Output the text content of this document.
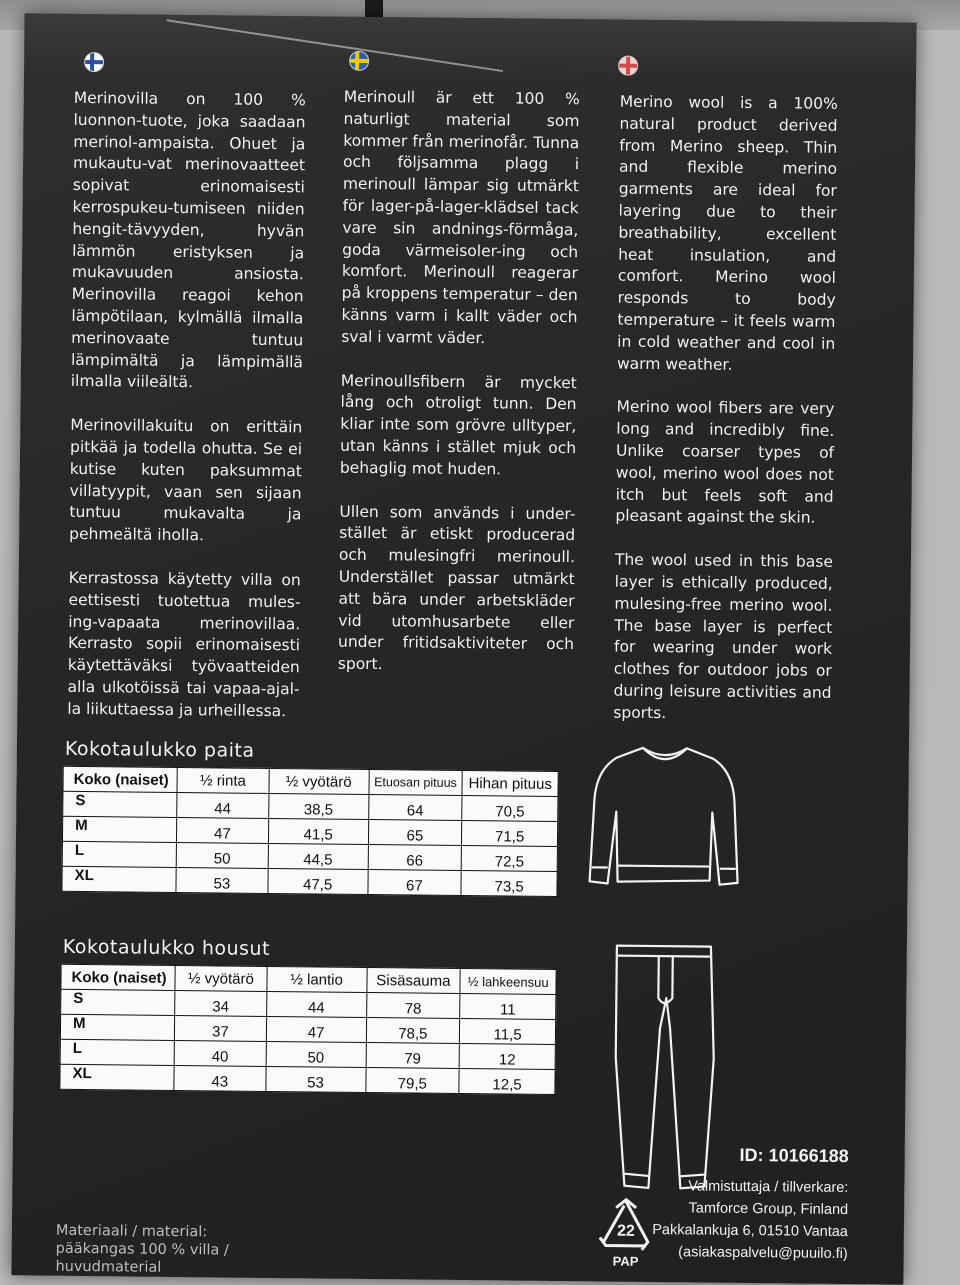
Merinovilla on 100 % luonnon-tuote, joka saadaan merinol-ampaista. Ohuet ja mukautu-vat merinovaatteet sopivat erinomaisesti kerrospukeu-tumiseen niiden hengit-tävyyden, hyvän lämmön eristyksen ja mukavuuden ansiosta. Merinovilla reagoi kehon lämpötilaan, kylmällä ilmalla merinovaate tuntuu lämpimältä ja lämpimällä ilmalla viileältä.

Merinovillakuitu on erittäin pitkää ja todella ohutta. Se ei kutise kuten paksummat villatyypit, vaan sen sijaan tuntuu mukavalta ja pehmeältä iholla.

Kerrastossa käytetty villa on eettisesti tuotettua mules-ing-vapaata merinovillaa. Kerrasto sopii erinomaisesti käytettäväksi työvaatteiden alla ulkotöissä tai vapaa-ajal-la liikuttaessa ja urheillessa.

Merinoull är ett 100 % naturligt material som kommer från merinofår. Tunna och följsamma plagg i merinoull lämpar sig utmärkt för lager-på-lager-klädsel tack vare sin andnings-förmåga, goda värmeisoler-ing och komfort. Merinoull reagerar på kroppens temperatur – den känns varm i kallt väder och sval i varmt väder.

Merinoullsfibern är mycket lång och otroligt tunn. Den kliar inte som grövre ulltyper, utan känns i stället mjuk och behaglig mot huden.

Ullen som används i under-stället är etiskt producerad och mulesingfri merinoull. Understället passar utmärkt att bära under arbetskläder vid utomhusarbete eller under fritidsaktiviteter och sport.

Merino wool is a 100% natural product derived from Merino sheep. Thin and flexible merino garments are ideal for layering due to their breathability, excellent heat insulation, and comfort. Merino wool responds to body temperature – it feels warm in cold weather and cool in warm weather.

Merino wool fibers are very long and incredibly fine. Unlike coarser types of wool, merino wool does not itch but feels soft and pleasant against the skin.

The wool used in this base layer is ethically produced, mulesing-free merino wool. The base layer is perfect for wearing under work clothes for outdoor jobs or during leisure activities and sports.

Kokotaulukko paita
Koko (naiset)	½ rinta	½ vyötärö	Etuosan pituus	Hihan pituus
S	44	38,5	64	70,5
M	47	41,5	65	71,5
L	50	44,5	66	72,5
XL	53	47,5	67	73,5
Kokotaulukko housut
Koko (naiset)	½ vyötärö	½ lantio	Sisäsauma	½ lahkeensuu
S	34	44	78	11
M	37	47	78,5	11,5
L	40	50	79	12
XL	43	53	79,5	12,5
ID: 10166188
Valmistuttaja / tillverkare:
Tamforce Group, Finland
Pakkalankuja 6, 01510 Vantaa
(asiakaspalvelu@puuilo.fi)
22
PAP
Materiaali / material:
pääkangas 100 % villa /
huvudmaterial
